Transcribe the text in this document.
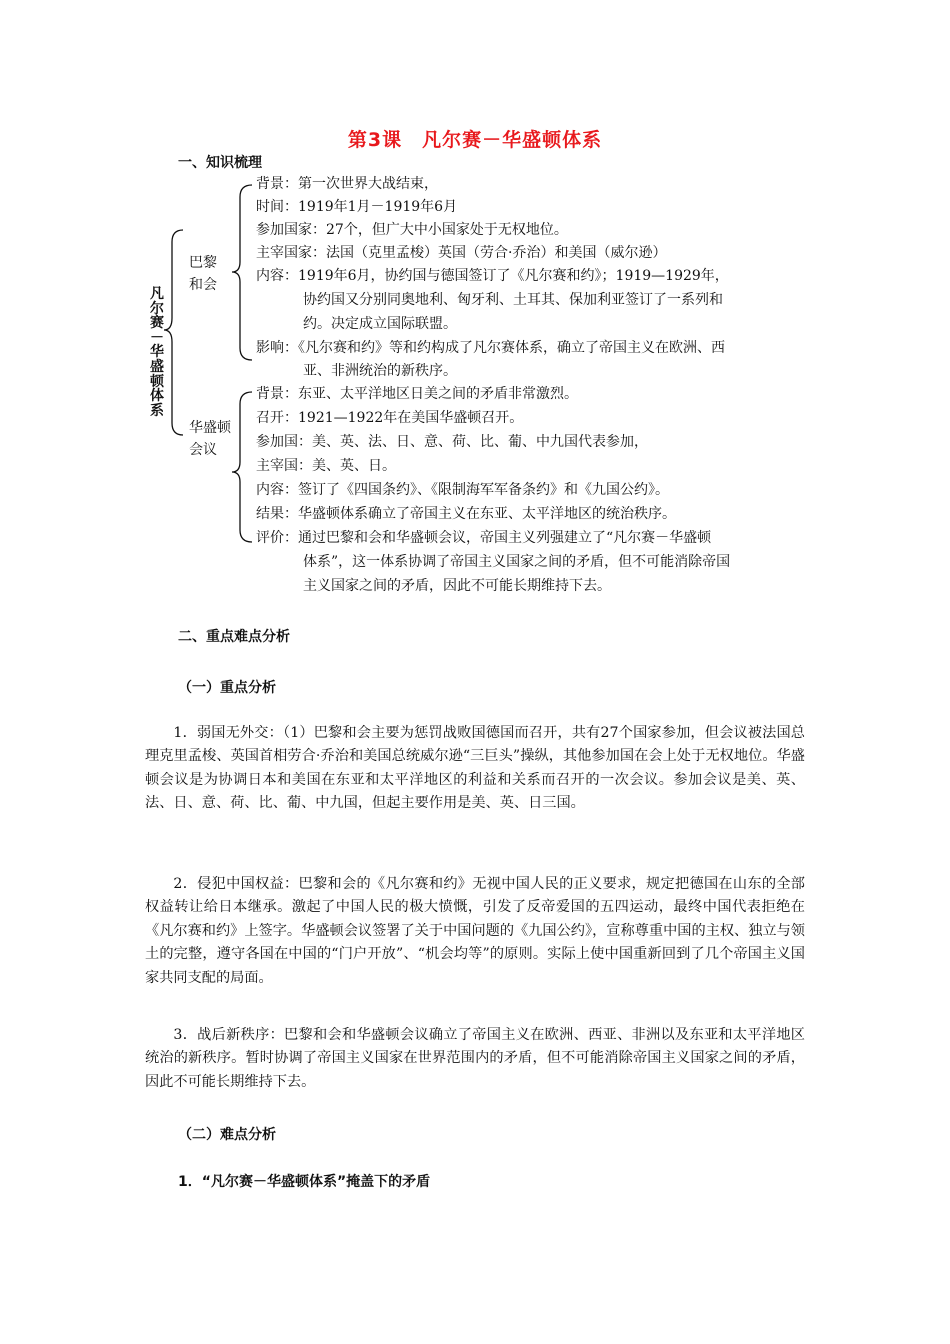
第3课　凡尔赛－华盛顿体系
一、知识梳理
凡尔赛－华盛顿体系
巴黎和会
华盛顿会议
背景：第一次世界大战结束，
时间：1919年1月－1919年6月
参加国家：27个，但广大中小国家处于无权地位。
主宰国家：法国（克里孟梭）英国（劳合·乔治）和美国（威尔逊）
内容：1919年6月，协约国与德国签订了《凡尔赛和约》；1919—1929年，
协约国又分别同奥地利、匈牙利、土耳其、保加利亚签订了一系列和
约。决定成立国际联盟。
影响：《凡尔赛和约》等和约构成了凡尔赛体系，确立了帝国主义在欧洲、西
亚、非洲统治的新秩序。
背景：东亚、太平洋地区日美之间的矛盾非常激烈。
召开：1921—1922年在美国华盛顿召开。
参加国：美、英、法、日、意、荷、比、葡、中九国代表参加，
主宰国：美、英、日。
内容：签订了《四国条约》、《限制海军军备条约》和《九国公约》。
结果：华盛顿体系确立了帝国主义在东亚、太平洋地区的统治秩序。
评价：通过巴黎和会和华盛顿会议，帝国主义列强建立了“凡尔赛－华盛顿
体系”，这一体系协调了帝国主义国家之间的矛盾，但不可能消除帝国
主义国家之间的矛盾，因此不可能长期维持下去。
二、重点难点分析
（一）重点分析
1．弱国无外交：（1）巴黎和会主要为惩罚战败国德国而召开，共有27个国家参加，但会议被法国总理克里孟梭、英国首相劳合·乔治和美国总统威尔逊“三巨头”操纵，其他参加国在会上处于无权地位。华盛顿会议是为协调日本和美国在东亚和太平洋地区的利益和关系而召开的一次会议。参加会议是美、英、法、日、意、荷、比、葡、中九国，但起主要作用是美、英、日三国。
2．侵犯中国权益：巴黎和会的《凡尔赛和约》无视中国人民的正义要求，规定把德国在山东的全部权益转让给日本继承。激起了中国人民的极大愤慨，引发了反帝爱国的五四运动，最终中国代表拒绝在《凡尔赛和约》上签字。华盛顿会议签署了关于中国问题的《九国公约》，宣称尊重中国的主权、独立与领土的完整，遵守各国在中国的“门户开放”、“机会均等”的原则。实际上使中国重新回到了几个帝国主义国家共同支配的局面。
3．战后新秩序：巴黎和会和华盛顿会议确立了帝国主义在欧洲、西亚、非洲以及东亚和太平洋地区统治的新秩序。暂时协调了帝国主义国家在世界范围内的矛盾，但不可能消除帝国主义国家之间的矛盾，因此不可能长期维持下去。
（二）难点分析
1．“凡尔赛－华盛顿体系”掩盖下的矛盾
